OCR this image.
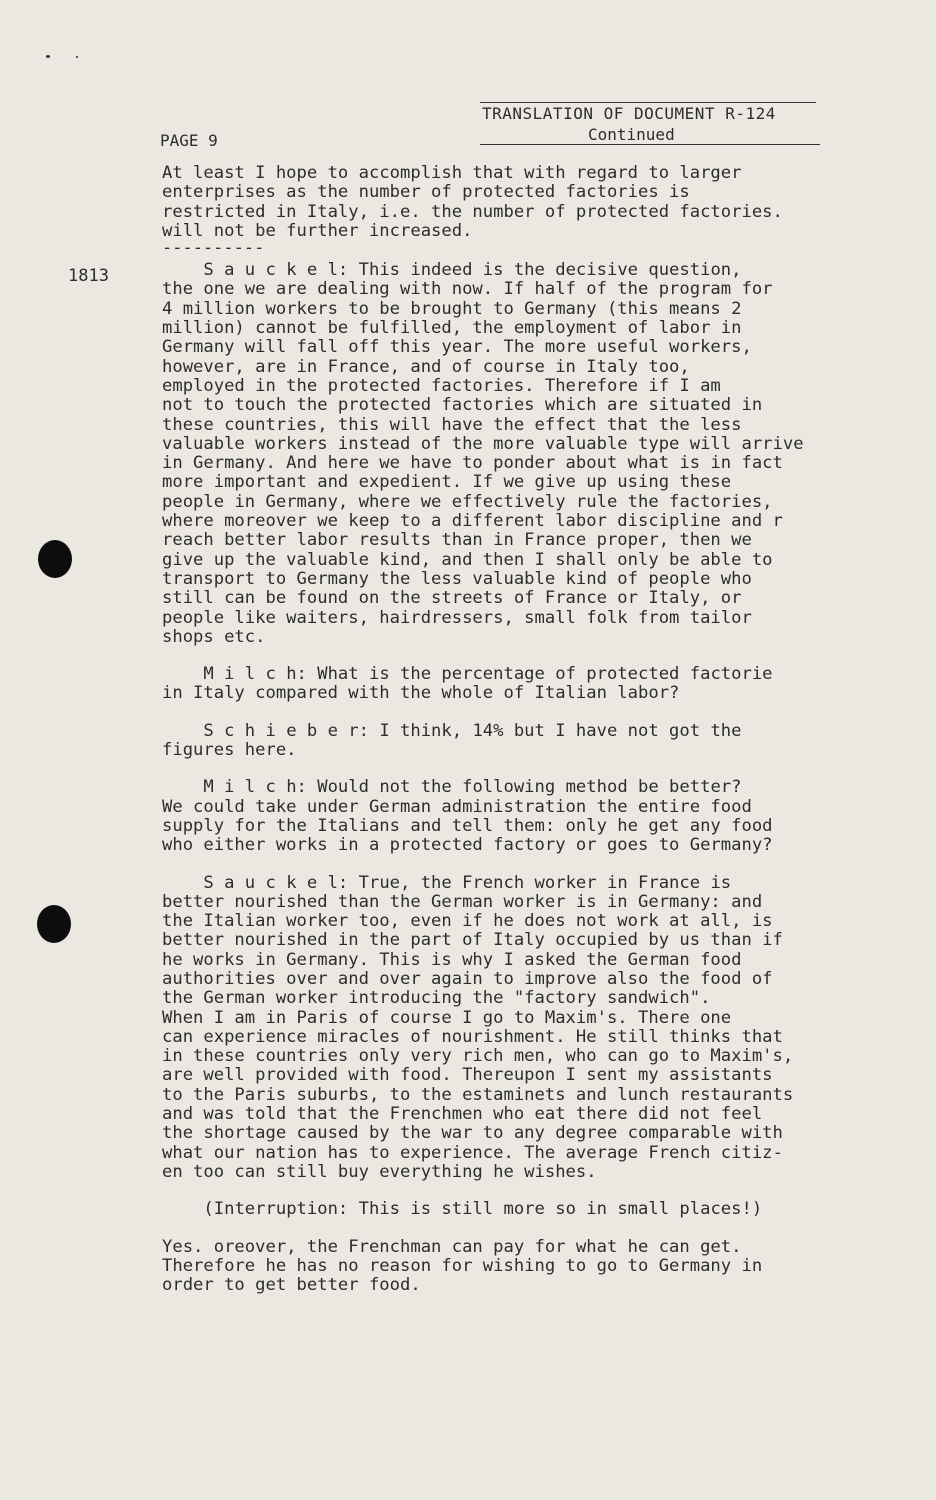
TRANSLATION OF DOCUMENT R-124
Continued
PAGE 9
1813

At least I hope to accomplish that with regard to larger
enterprises as the number of protected factories is
restricted in Italy, i.e. the number of protected factories.
will not be further increased.

----------

S a u c k e l: This indeed is the decisive question,
the one we are dealing with now. If half of the program for
4 million workers to be brought to Germany (this means 2
million) cannot be fulfilled, the employment of labor in
Germany will fall off this year. The more useful workers,
however, are in France, and of course in Italy too,
employed in the protected factories. Therefore if I am
not to touch the protected factories which are situated in
these countries, this will have the effect that the less
valuable workers instead of the more valuable type will arrive
in Germany. And here we have to ponder about what is in fact
more important and expedient. If we give up using these
people in Germany, where we effectively rule the factories,
where moreover we keep to a different labor discipline and r
reach better labor results than in France proper, then we
give up the valuable kind, and then I shall only be able to
transport to Germany the less valuable kind of people who
still can be found on the streets of France or Italy, or
people like waiters, hairdressers, small folk from tailor
shops etc.

M i l c h: What is the percentage of protected factorie
in Italy compared with the whole of Italian labor?

S c h i e b e r: I think, 14% but I have not got the
figures here.

M i l c h: Would not the following method be better?
We could take under German administration the entire food
supply for the Italians and tell them: only he get any food
who either works in a protected factory or goes to Germany?

S a u c k e l: True, the French worker in France is
better nourished than the German worker is in Germany: and
the Italian worker too, even if he does not work at all, is
better nourished in the part of Italy occupied by us than if
he works in Germany. This is why I asked the German food
authorities over and over again to improve also the food of
the German worker introducing the "factory sandwich".
When I am in Paris of course I go to Maxim's. There one
can experience miracles of nourishment. He still thinks that
in these countries only very rich men, who can go to Maxim's,
are well provided with food. Thereupon I sent my assistants
to the Paris suburbs, to the estaminets and lunch restaurants
and was told that the Frenchmen who eat there did not feel
the shortage caused by the war to any degree comparable with
what our nation has to experience. The average French citiz-
en too can still buy everything he wishes.

(Interruption: This is still more so in small places!)

Yes. oreover, the Frenchman can pay for what he can get.
Therefore he has no reason for wishing to go to Germany in
order to get better food.
